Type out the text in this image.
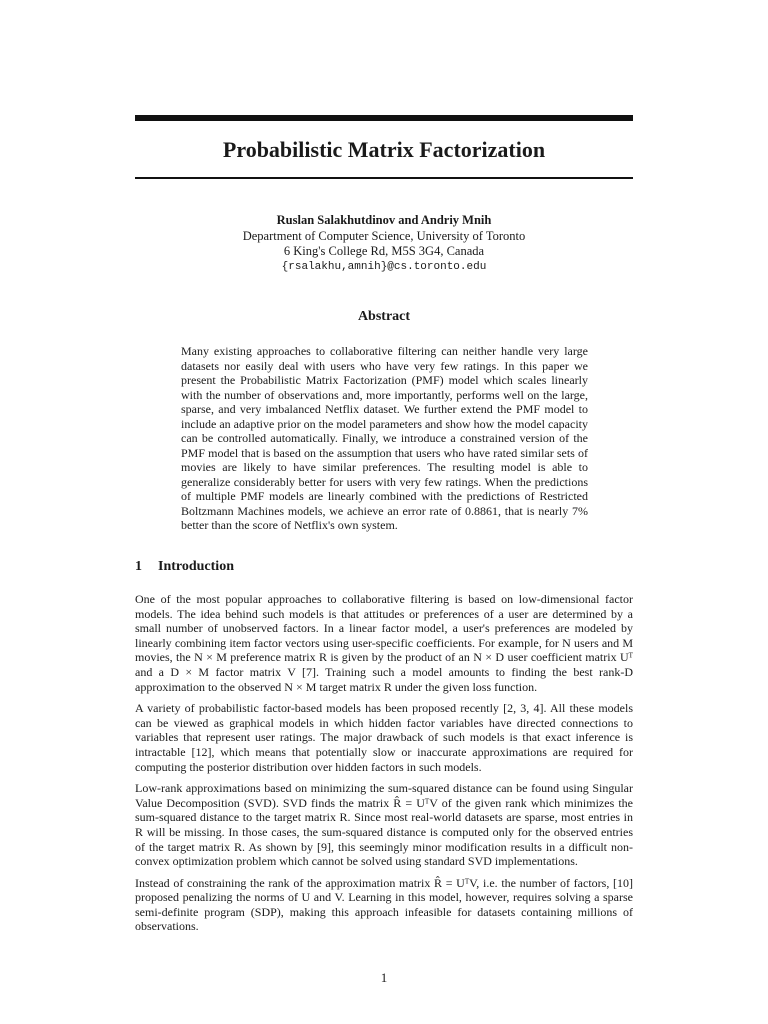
Probabilistic Matrix Factorization
Ruslan Salakhutdinov and Andriy Mnih
Department of Computer Science, University of Toronto
6 King's College Rd, M5S 3G4, Canada
{rsalakhu,amnih}@cs.toronto.edu
Abstract
Many existing approaches to collaborative filtering can neither handle very large datasets nor easily deal with users who have very few ratings. In this paper we present the Probabilistic Matrix Factorization (PMF) model which scales linearly with the number of observations and, more importantly, performs well on the large, sparse, and very imbalanced Netflix dataset. We further extend the PMF model to include an adaptive prior on the model parameters and show how the model capacity can be controlled automatically. Finally, we introduce a constrained version of the PMF model that is based on the assumption that users who have rated similar sets of movies are likely to have similar preferences. The resulting model is able to generalize considerably better for users with very few ratings. When the predictions of multiple PMF models are linearly combined with the predictions of Restricted Boltzmann Machines models, we achieve an error rate of 0.8861, that is nearly 7% better than the score of Netflix's own system.
1 Introduction

One of the most popular approaches to collaborative filtering is based on low-dimensional factor models. The idea behind such models is that attitudes or preferences of a user are determined by a small number of unobserved factors. In a linear factor model, a user's preferences are modeled by linearly combining item factor vectors using user-specific coefficients. For example, for N users and M movies, the N × M preference matrix R is given by the product of an N × D user coefficient matrix Uᵀ and a D × M factor matrix V [7]. Training such a model amounts to finding the best rank-D approximation to the observed N × M target matrix R under the given loss function.

A variety of probabilistic factor-based models has been proposed recently [2, 3, 4]. All these models can be viewed as graphical models in which hidden factor variables have directed connections to variables that represent user ratings. The major drawback of such models is that exact inference is intractable [12], which means that potentially slow or inaccurate approximations are required for computing the posterior distribution over hidden factors in such models.

Low-rank approximations based on minimizing the sum-squared distance can be found using Singular Value Decomposition (SVD). SVD finds the matrix R̂ = UᵀV of the given rank which minimizes the sum-squared distance to the target matrix R. Since most real-world datasets are sparse, most entries in R will be missing. In those cases, the sum-squared distance is computed only for the observed entries of the target matrix R. As shown by [9], this seemingly minor modification results in a difficult non-convex optimization problem which cannot be solved using standard SVD implementations.

Instead of constraining the rank of the approximation matrix R̂ = UᵀV, i.e. the number of factors, [10] proposed penalizing the norms of U and V. Learning in this model, however, requires solving a sparse semi-definite program (SDP), making this approach infeasible for datasets containing millions of observations.

1
